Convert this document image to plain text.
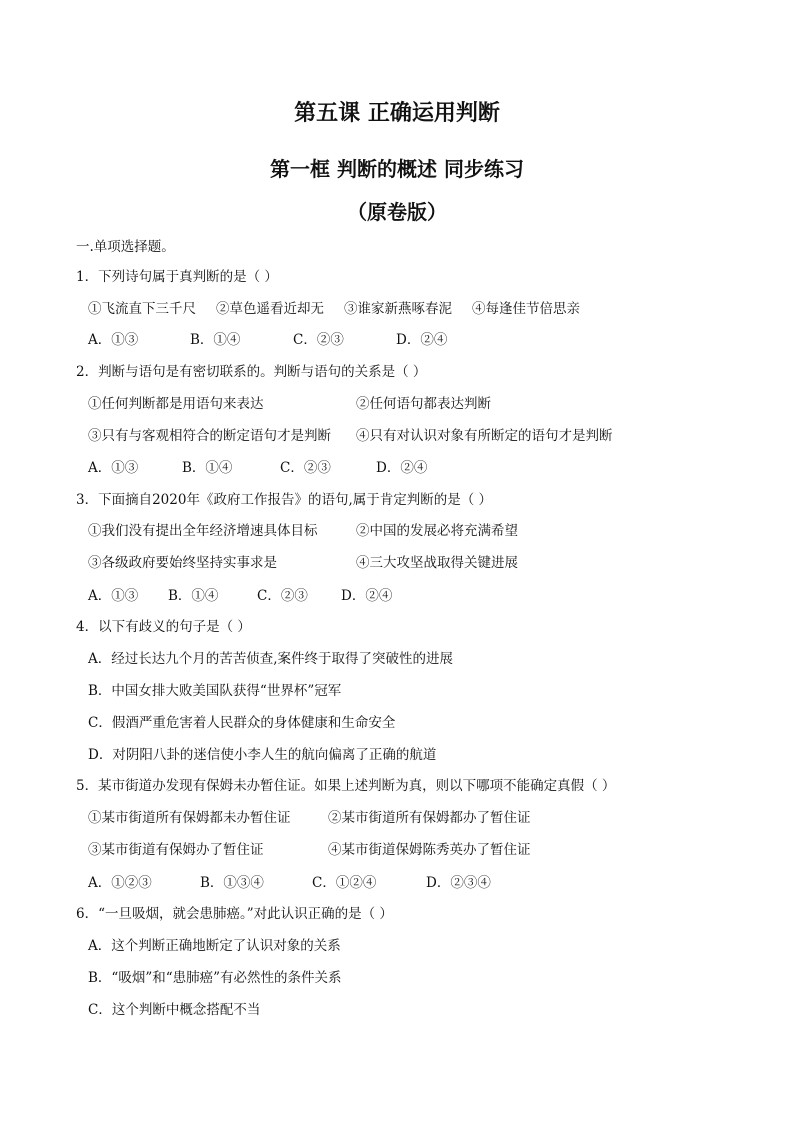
第五课 正确运用判断
第一框 判断的概述 同步练习
（原卷版）
一.单项选择题。
1．下列诗句属于真判断的是（ ）
①飞流直下三千尺 ②草色遥看近却无 ③谁家新燕啄春泥 ④每逢佳节倍思亲
A．①③	B．①④	C．②③	D．②④
2．判断与语句是有密切联系的。判断与语句的关系是（ ）
①任何判断都是用语句来表达	②任何语句都表达判断
③只有与客观相符合的断定语句才是判断 ④只有对认识对象有所断定的语句才是判断
A．①③	B．①④	C．②③	D．②④
3．下面摘自2020年《政府工作报告》的语句,属于肯定判断的是（ ）
①我们没有提出全年经济增速具体目标	②中国的发展必将充满希望
③各级政府要始终坚持实事求是	④三大攻坚战取得关键进展
A．①③ B．①④	C．②③ D．②④
4．以下有歧义的句子是（ ）
A．经过长达九个月的苦苦侦查,案件终于取得了突破性的进展
B．中国女排大败美国队获得“世界杯”冠军
C．假酒严重危害着人民群众的身体健康和生命安全
D．对阴阳八卦的迷信使小李人生的航向偏离了正确的航道
5．某市街道办发现有保姆未办暂住证。如果上述判断为真，则以下哪项不能确定真假（ ）
①某市街道所有保姆都未办暂住证	②某市街道所有保姆都办了暂住证
③某市街道有保姆办了暂住证	④某市街道保姆陈秀英办了暂住证
A．①②③	B．①③④	C．①②④	D．②③④
6．“一旦吸烟，就会患肺癌。”对此认识正确的是（ ）
A．这个判断正确地断定了认识对象的关系
B．“吸烟”和“患肺癌”有必然性的条件关系
C．这个判断中概念搭配不当
